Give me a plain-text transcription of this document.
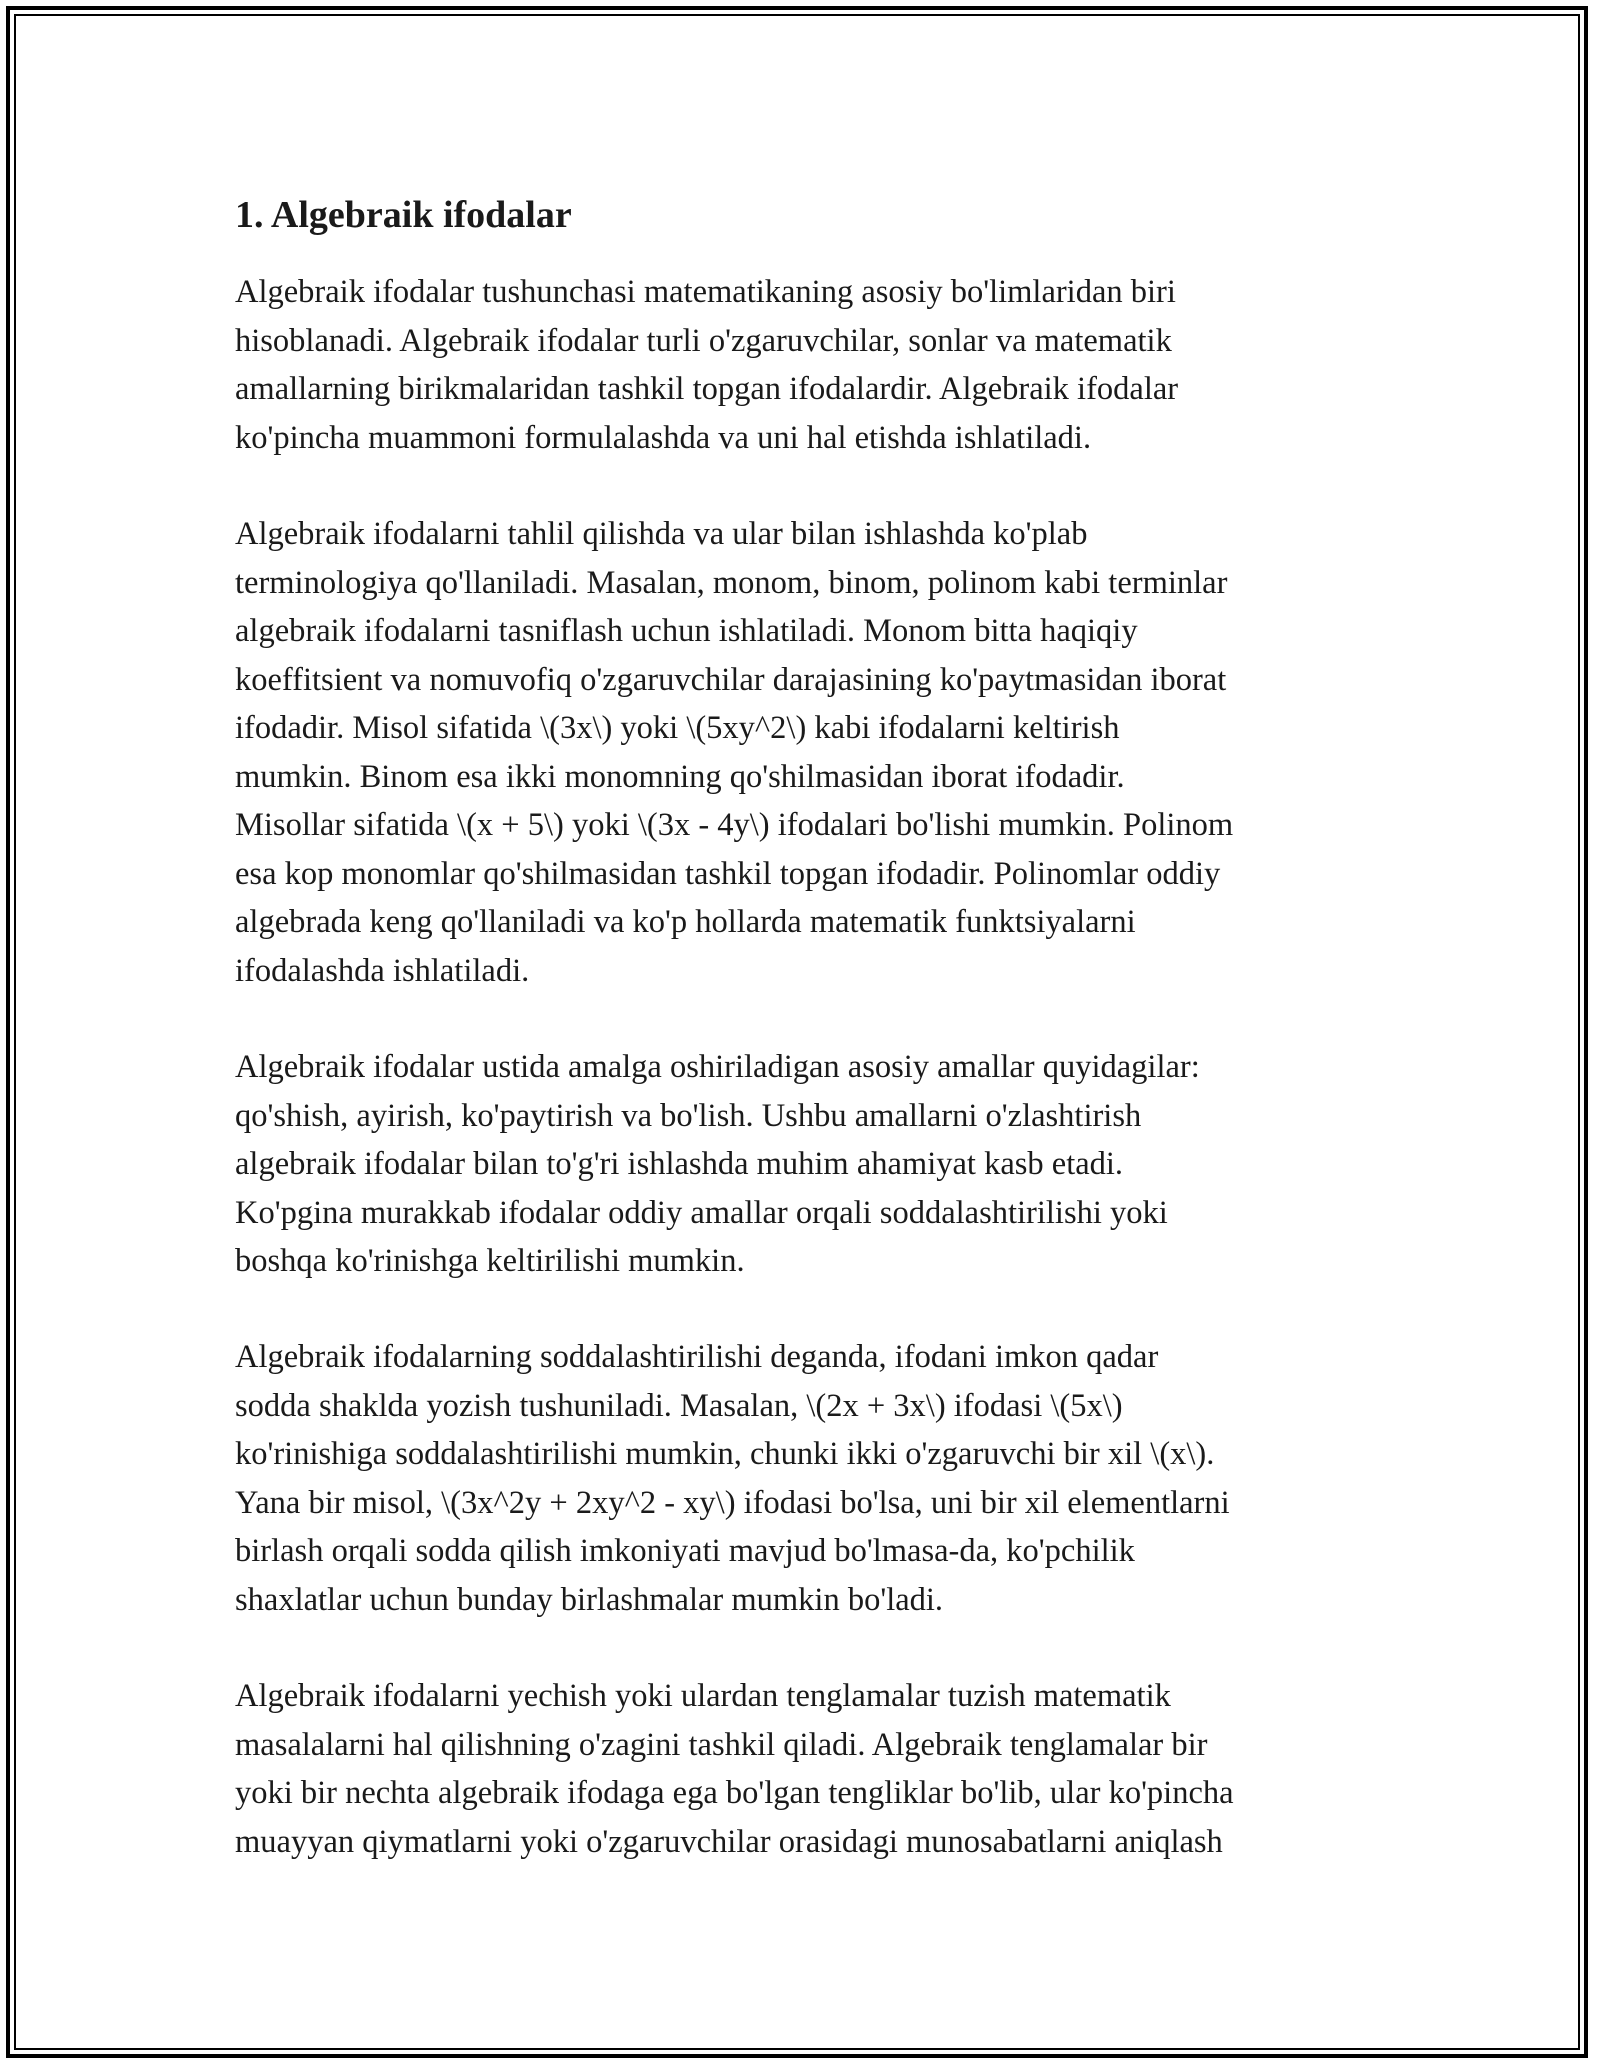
1. Algebraik ifodalar

Algebraik ifodalar tushunchasi matematikaning asosiy bo'limlaridan biri
hisoblanadi. Algebraik ifodalar turli o'zgaruvchilar, sonlar va matematik
amallarning birikmalaridan tashkil topgan ifodalardir. Algebraik ifodalar
ko'pincha muammoni formulalashda va uni hal etishda ishlatiladi.

Algebraik ifodalarni tahlil qilishda va ular bilan ishlashda ko'plab
terminologiya qo'llaniladi. Masalan, monom, binom, polinom kabi terminlar
algebraik ifodalarni tasniflash uchun ishlatiladi. Monom bitta haqiqiy
koeffitsient va nomuvofiq o'zgaruvchilar darajasining ko'paytmasidan iborat
ifodadir. Misol sifatida \(3x\) yoki \(5xy^2\) kabi ifodalarni keltirish
mumkin. Binom esa ikki monomning qo'shilmasidan iborat ifodadir.
Misollar sifatida \(x + 5\) yoki \(3x - 4y\) ifodalari bo'lishi mumkin. Polinom
esa kop monomlar qo'shilmasidan tashkil topgan ifodadir. Polinomlar oddiy
algebrada keng qo'llaniladi va ko'p hollarda matematik funktsiyalarni
ifodalashda ishlatiladi.

Algebraik ifodalar ustida amalga oshiriladigan asosiy amallar quyidagilar:
qo'shish, ayirish, ko'paytirish va bo'lish. Ushbu amallarni o'zlashtirish
algebraik ifodalar bilan to'g'ri ishlashda muhim ahamiyat kasb etadi.
Ko'pgina murakkab ifodalar oddiy amallar orqali soddalashtirilishi yoki
boshqa ko'rinishga keltirilishi mumkin.

Algebraik ifodalarning soddalashtirilishi deganda, ifodani imkon qadar
sodda shaklda yozish tushuniladi. Masalan, \(2x + 3x\) ifodasi \(5x\)
ko'rinishiga soddalashtirilishi mumkin, chunki ikki o'zgaruvchi bir xil \(x\).
Yana bir misol, \(3x^2y + 2xy^2 - xy\) ifodasi bo'lsa, uni bir xil elementlarni
birlash orqali sodda qilish imkoniyati mavjud bo'lmasa-da, ko'pchilik
shaxlatlar uchun bunday birlashmalar mumkin bo'ladi.

Algebraik ifodalarni yechish yoki ulardan tenglamalar tuzish matematik
masalalarni hal qilishning o'zagini tashkil qiladi. Algebraik tenglamalar bir
yoki bir nechta algebraik ifodaga ega bo'lgan tengliklar bo'lib, ular ko'pincha
muayyan qiymatlarni yoki o'zgaruvchilar orasidagi munosabatlarni aniqlash
